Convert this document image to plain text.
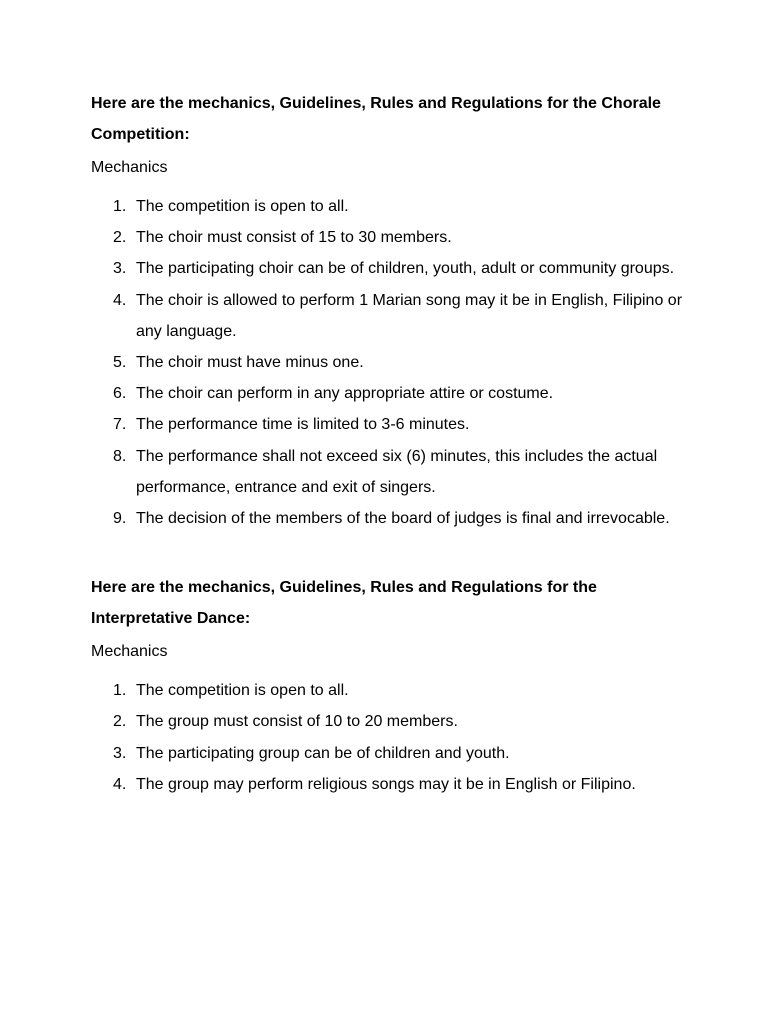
Here are the mechanics, Guidelines, Rules and Regulations for the Chorale Competition:

Mechanics

1. The competition is open to all.
2. The choir must consist of 15 to 30 members.
3. The participating choir can be of children, youth, adult or community groups.
4. The choir is allowed to perform 1 Marian song may it be in English, Filipino or any language.
5. The choir must have minus one.
6. The choir can perform in any appropriate attire or costume.
7. The performance time is limited to 3-6 minutes.
8. The performance shall not exceed six (6) minutes, this includes the actual performance, entrance and exit of singers.
9. The decision of the members of the board of judges is final and irrevocable.

Here are the mechanics, Guidelines, Rules and Regulations for the Interpretative Dance:

Mechanics

1. The competition is open to all.
2. The group must consist of 10 to 20 members.
3. The participating group can be of children and youth.
4. The group may perform religious songs may it be in English or Filipino.
